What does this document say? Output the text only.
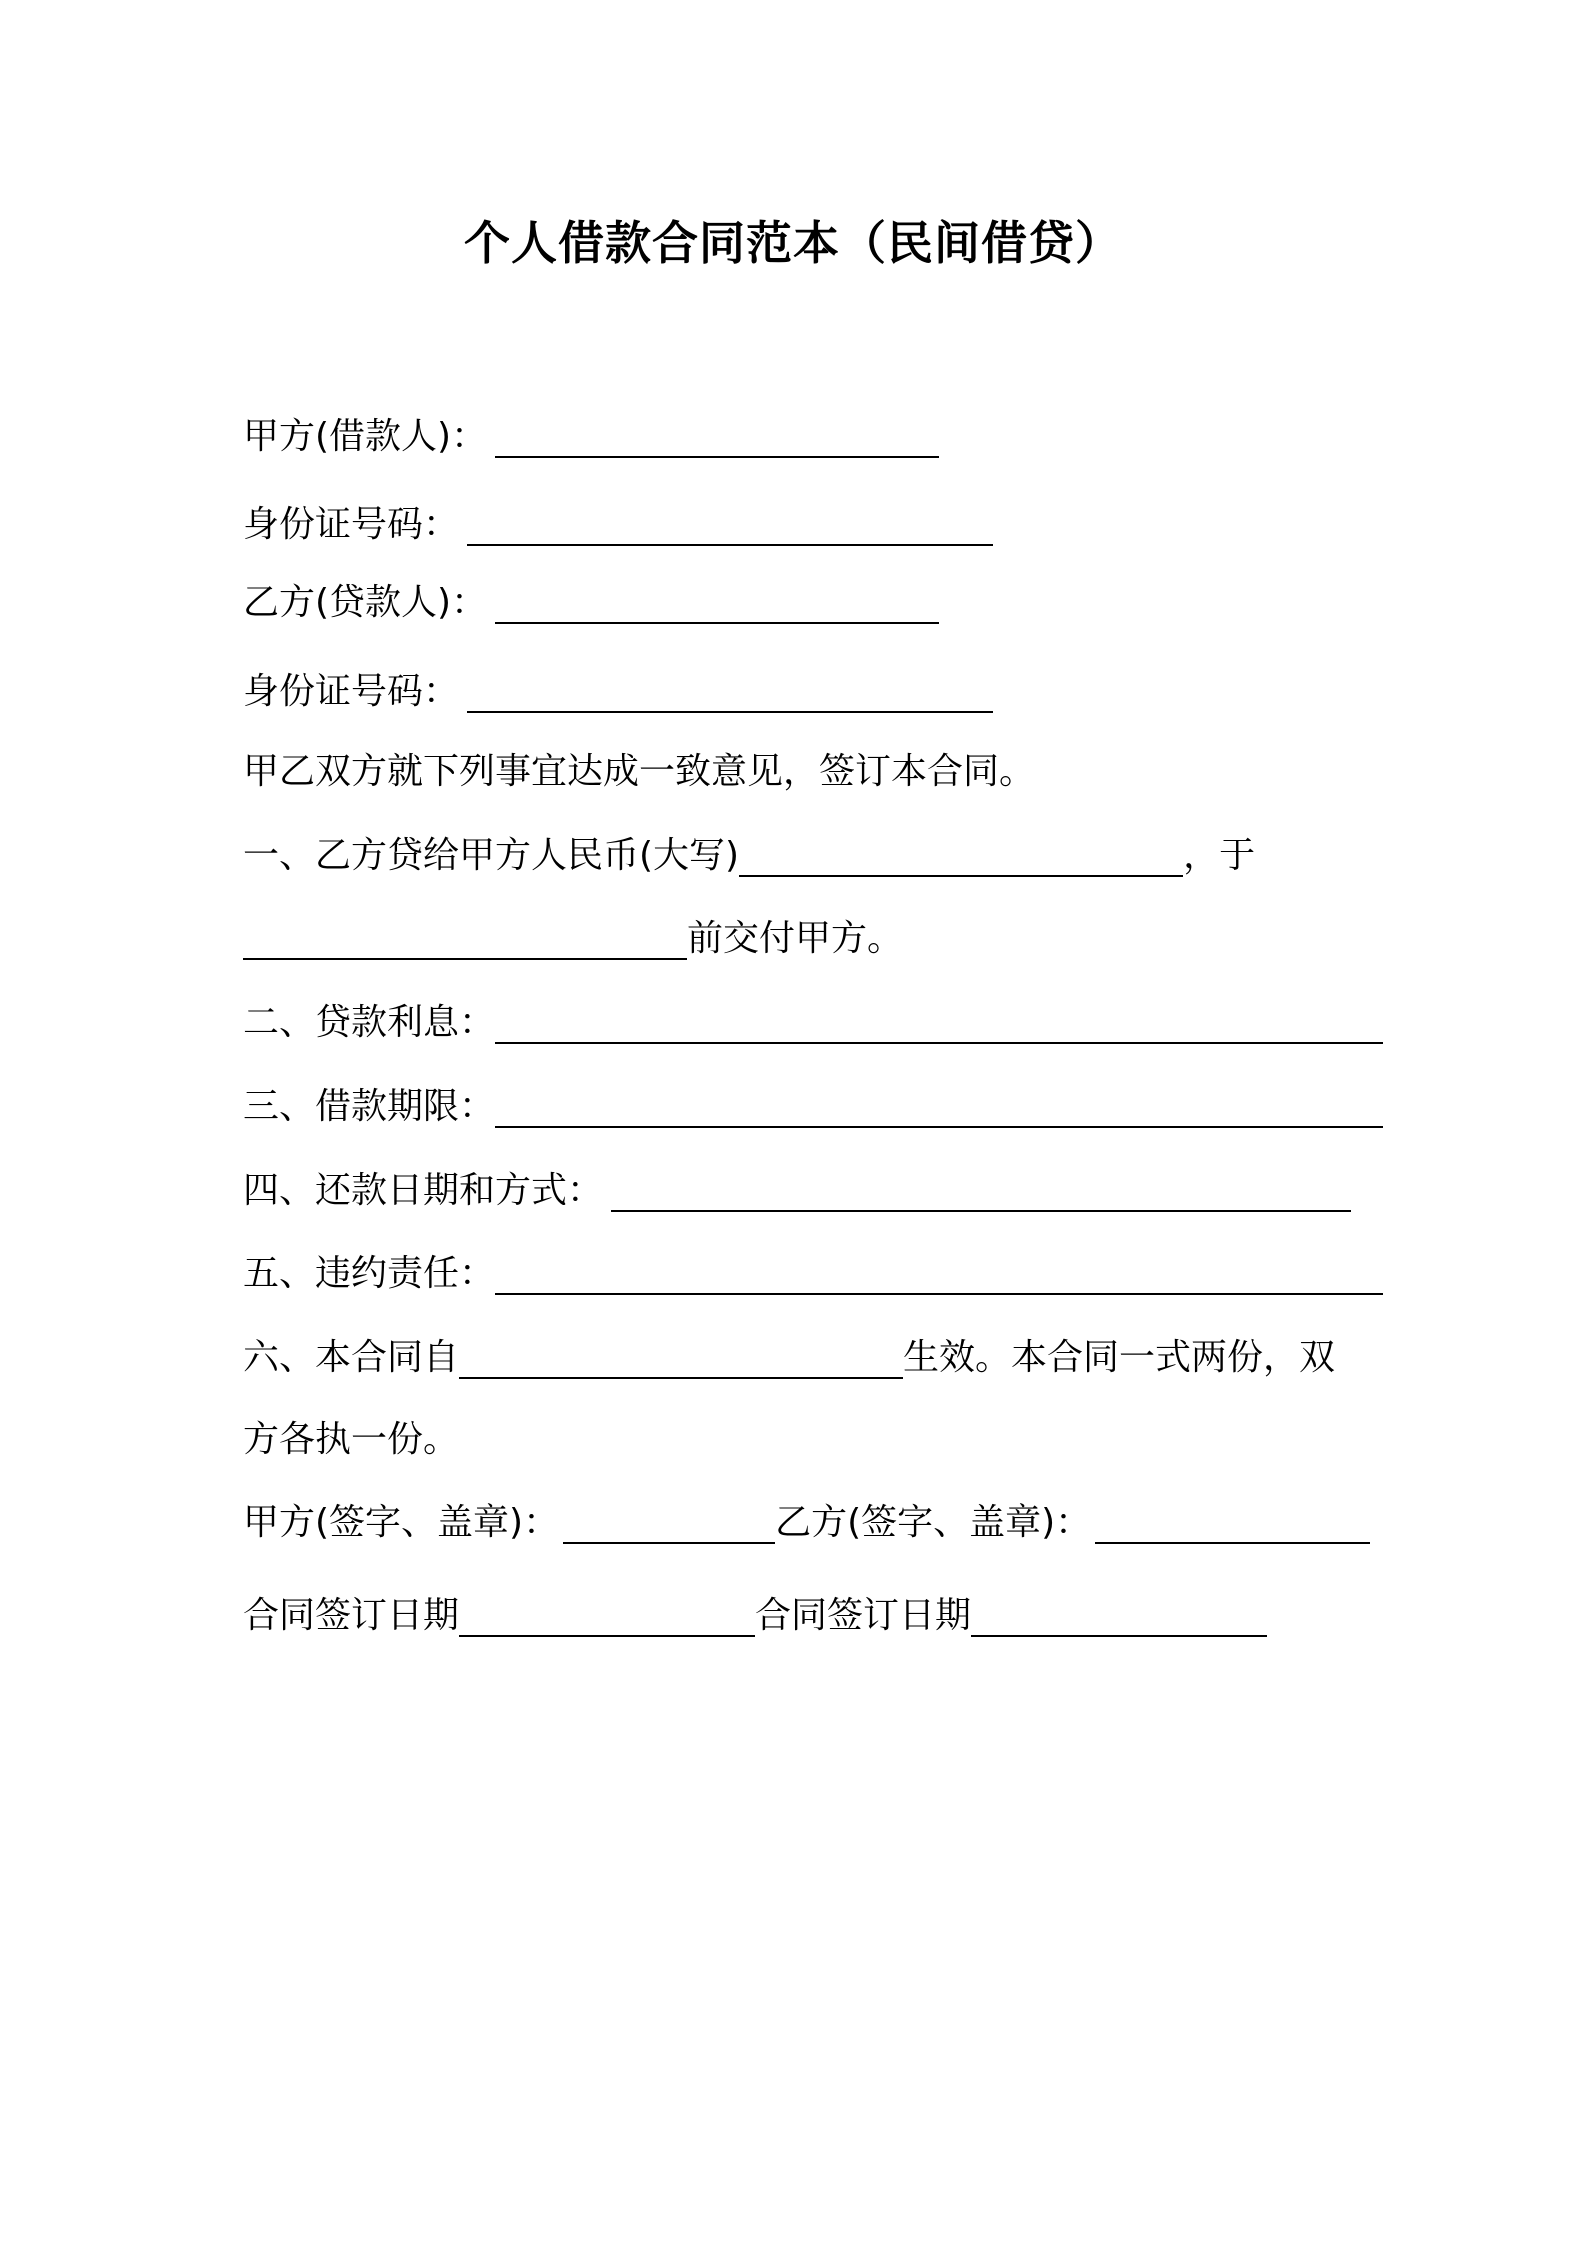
个人借款合同范本（民间借贷）
甲方(借款人)：
身份证号码：
乙方(贷款人)：
身份证号码：
甲乙双方就下列事宜达成一致意见，签订本合同。
一、乙方贷给甲方人民币(大写)	，于
前交付甲方。
二、贷款利息：
三、借款期限：
四、还款日期和方式：
五、违约责任：
六、本合同自	生效。本合同一式两份，双
方各执一份。
甲方(签字、盖章)：	乙方(签字、盖章)：
合同签订日期	合同签订日期
